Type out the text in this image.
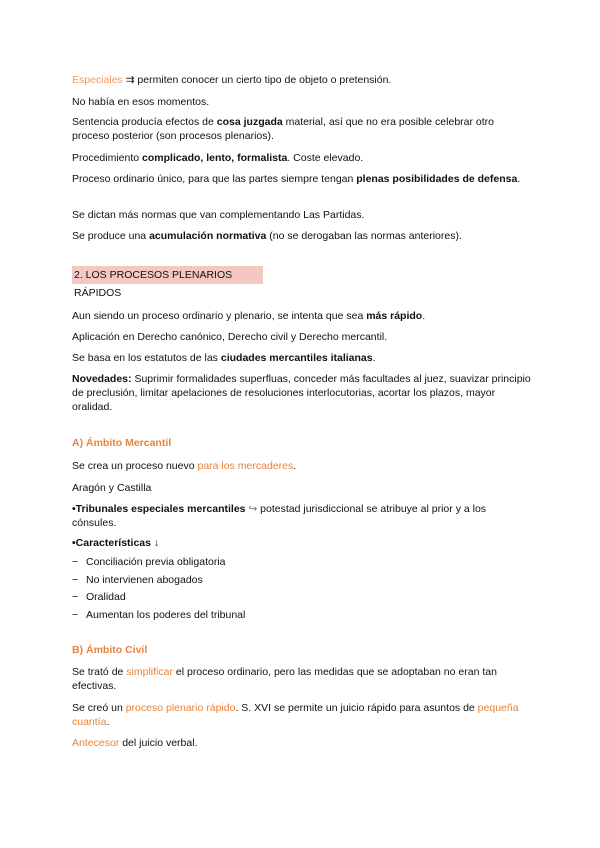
Especiales ⇉ permiten conocer un cierto tipo de objeto o pretensión.

No había en esos momentos.

Sentencia producía efectos de cosa juzgada material, así que no era posible celebrar otro proceso posterior (son procesos plenarios).

Procedimiento complicado, lento, formalista. Coste elevado.

Proceso ordinario único, para que las partes siempre tengan plenas posibilidades de defensa.

Se dictan más normas que van complementando Las Partidas.

Se produce una acumulación normativa (no se derogaban las normas anteriores).

2. LOS PROCESOS PLENARIOS RÁPIDOS

Aun siendo un proceso ordinario y plenario, se intenta que sea más rápido.

Aplicación en Derecho canónico, Derecho civil y Derecho mercantil.

Se basa en los estatutos de las ciudades mercantiles italianas.

Novedades: Suprimir formalidades superfluas, conceder más facultades al juez, suavizar principio de preclusión, limitar apelaciones de resoluciones interlocutorias, acortar los plazos, mayor oralidad.

A) Ámbito Mercantil

Se crea un proceso nuevo para los mercaderes.

Aragón y Castilla

•Tribunales especiales mercantiles ↪ potestad jurisdiccional se atribuye al prior y a los cónsules.

•Características ↓

− Conciliación previa obligatoria

− No intervienen abogados

− Oralidad

− Aumentan los poderes del tribunal

B) Ámbito Civil

Se trató de simplificar el proceso ordinario, pero las medidas que se adoptaban no eran tan efectivas.

Se creó un proceso plenario rápido. S. XVI se permite un juicio rápido para asuntos de pequeña cuantía.

Antecesor del juicio verbal.
